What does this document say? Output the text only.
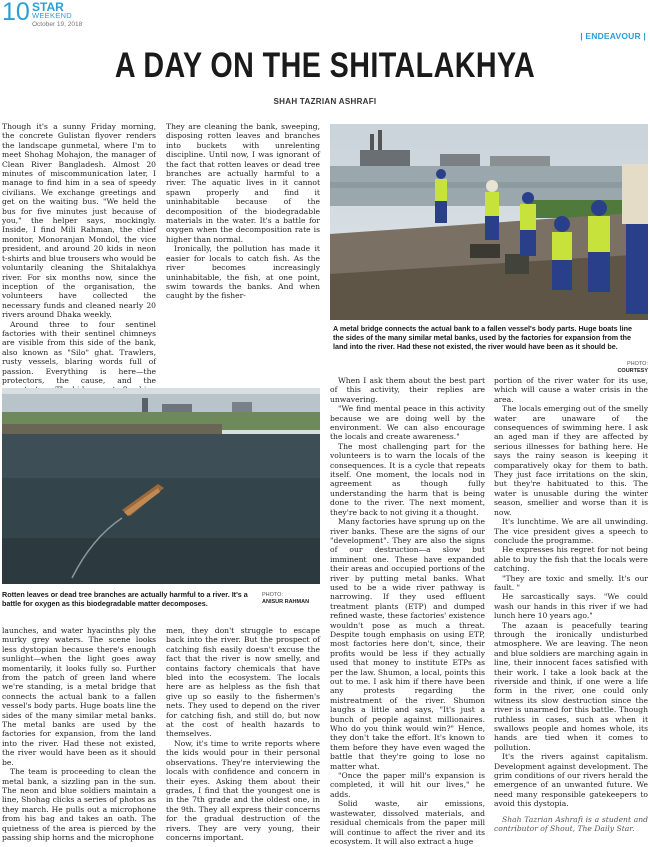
10 STAR
WEEKEND
October 19, 2018
| ENDEAVOUR |
A DAY ON THE SHITALAKHYA
SHAH TAZRIAN ASHRAFI

Though it's a sunny Friday morning, the concrete Gulistan flyover renders the landscape gunmetal, where I'm to meet Shohag Mohajon, the manager of Clean River Bangladesh. Almost 20 minutes of miscommunication later, I manage to find him in a sea of speedy civilians. We exchange greetings and get on the waiting bus. "We held the bus for five minutes just because of you," the helper says, mockingly. Inside, I find Mili Rahman, the chief monitor, Monoranjan Mondol, the vice president, and around 20 kids in neon t-shirts and blue trousers who would be voluntarily cleaning the Shitalakhya river. For six months now, since the inception of the organisation, the volunteers have collected the necessary funds and cleaned nearly 20 rivers around Dhaka weekly.

Around three to four sentinel factories with their sentinel chimneys are visible from this side of the bank, also known as "Silo" ghat. Trawlers, rusty vessels, blaring words full of passion. Everything is here—the protectors, the cause, and the

They are cleaning the bank, sweeping, disposing rotten leaves and branches into buckets with unrelenting discipline. Until now, I was ignorant of the fact that rotten leaves or dead tree branches are actually harmful to a river. The aquatic lives in it cannot spawn properly and find it uninhabitable because of the decomposition of the biodegradable materials in the water. It's a battle for oxygen when the decomposition rate is higher than normal.

Ironically, the pollution has made it easier for locals to catch fish. As the river becomes increasingly uninhabitable, the fish, at one point, swim towards the banks. And when caught by the fisher-

A metal bridge connects the actual bank to a fallen vessel's body parts. Huge boats line the sides of the many similar metal banks, used by the factories for expansion from the land into the river. Had these not existed, the river would have been as it should be.
PHOTO: COURTESY
Rotten leaves or dead tree branches are actually harmful to a river. It's a battle for oxygen as this biodegradable matter decomposes.
PHOTO:
ANISUR RAHMAN

launches, and water hyacinths ply the murky grey waters. The scene looks less dystopian because there's enough sunlight—when the light goes away momentarily, it looks fully so. Further from the patch of green land where we're standing, is a metal bridge that connects the actual bank to a fallen vessel's body parts. Huge boats line the sides of the many similar metal banks. The metal banks are used by the factories for expansion, from the land into the river. Had these not existed, the river would have been as it should be.

The team is proceeding to clean the metal bank, a sizzling pan in the sun. The neon and blue soldiers maintain a line, Shohag clicks a series of photos as they march. He pulls out a microphone from his bag and takes an oath. The quietness of the area is pierced by the passing ship horns and the microphone

men, they don't struggle to escape back into the river. But the prospect of catching fish easily doesn't excuse the fact that the river is now smelly, and contains factory chemicals that have bled into the ecosystem. The locals here are as helpless as the fish that give up so easily to the fishermen's nets. They used to depend on the river for catching fish, and still do, but now at the cost of health hazards to themselves.

Now, it's time to write reports where the kids would pour in their personal observations. They're interviewing the locals with confidence and concern in their eyes. Asking them about their grades, I find that the youngest one is in the 7th grade and the oldest one, in the 9th. They all express their concerns for the gradual destruction of the rivers. They are very young, their concerns important.

When I ask them about the best part of this activity, their replies are unwavering.

"We find mental peace in this activity because we are doing well by the environment. We can also encourage the locals and create awareness."

The most challenging part for the volunteers is to warn the locals of the consequences. It is a cycle that repeats itself. One moment, the locals nod in agreement as though fully understanding the harm that is being done to the river. The next moment, they're back to not giving it a thought.

Many factories have sprung up on the river banks. These are the signs of our "development". They are also the signs of our destruction—a slow but imminent one. These have expanded their areas and occupied portions of the river by putting metal banks. What used to be a wide river pathway is narrowing. If they used effluent treatment plants (ETP) and dumped refined waste, these factories' existence wouldn't pose as much a threat. Despite tough emphasis on using ETP, most factories here don't, since, their profits would be less if they actually used that money to institute ETPs as per the law. Shumon, a local, points this out to me. I ask him if there have been any protests regarding the mistreatment of the river. Shumon laughs a little and says, "It's just a bunch of people against millionaires. Who do you think would win?" Hence, they don't take the effort. It's known to them before they have even waged the battle that they're going to lose no matter what.

"Once the paper mill's expansion is completed, it will hit our lives," he adds.

Solid waste, air emissions, wastewater, dissolved materials, and residual chemicals from the paper mill will continue to affect the river and its ecosystem. It will also extract a huge

portion of the river water for its use, which will cause a water crisis in the area.

The locals emerging out of the smelly water are unaware of the consequences of swimming here. I ask an aged man if they are affected by serious illnesses for bathing here. He says the rainy season is keeping it comparatively okay for them to bath. They just face irritations on the skin, but they're habituated to this. The water is unusable during the winter season, smellier and worse than it is now.

It's lunchtime. We are all unwinding. The vice president gives a speech to conclude the programme.

He expresses his regret for not being able to buy the fish that the locals were catching.

"They are toxic and smelly. It's our fault. "

He sarcastically says. "We could wash our hands in this river if we had lunch here 10 years ago."

The azaan is peacefully tearing through the ironically undisturbed atmosphere. We are leaving. The neon and blue soldiers are marching again in line, their innocent faces satisfied with their work. I take a look back at the riverside and think, if one were a life form in the river, one could only witness its slow destruction since the river is unarmed for this battle. Though ruthless in cases, such as when it swallows people and homes whole, its hands are tied when it comes to pollution.

It's the rivers against capitalism. Development against development. The grim conditions of our rivers herald the emergence of an unwanted future. We need many responsible gatekeepers to avoid this dystopia.

Shah Tazrian Ashrafi is a student and contributor of Shout, The Daily Star.
